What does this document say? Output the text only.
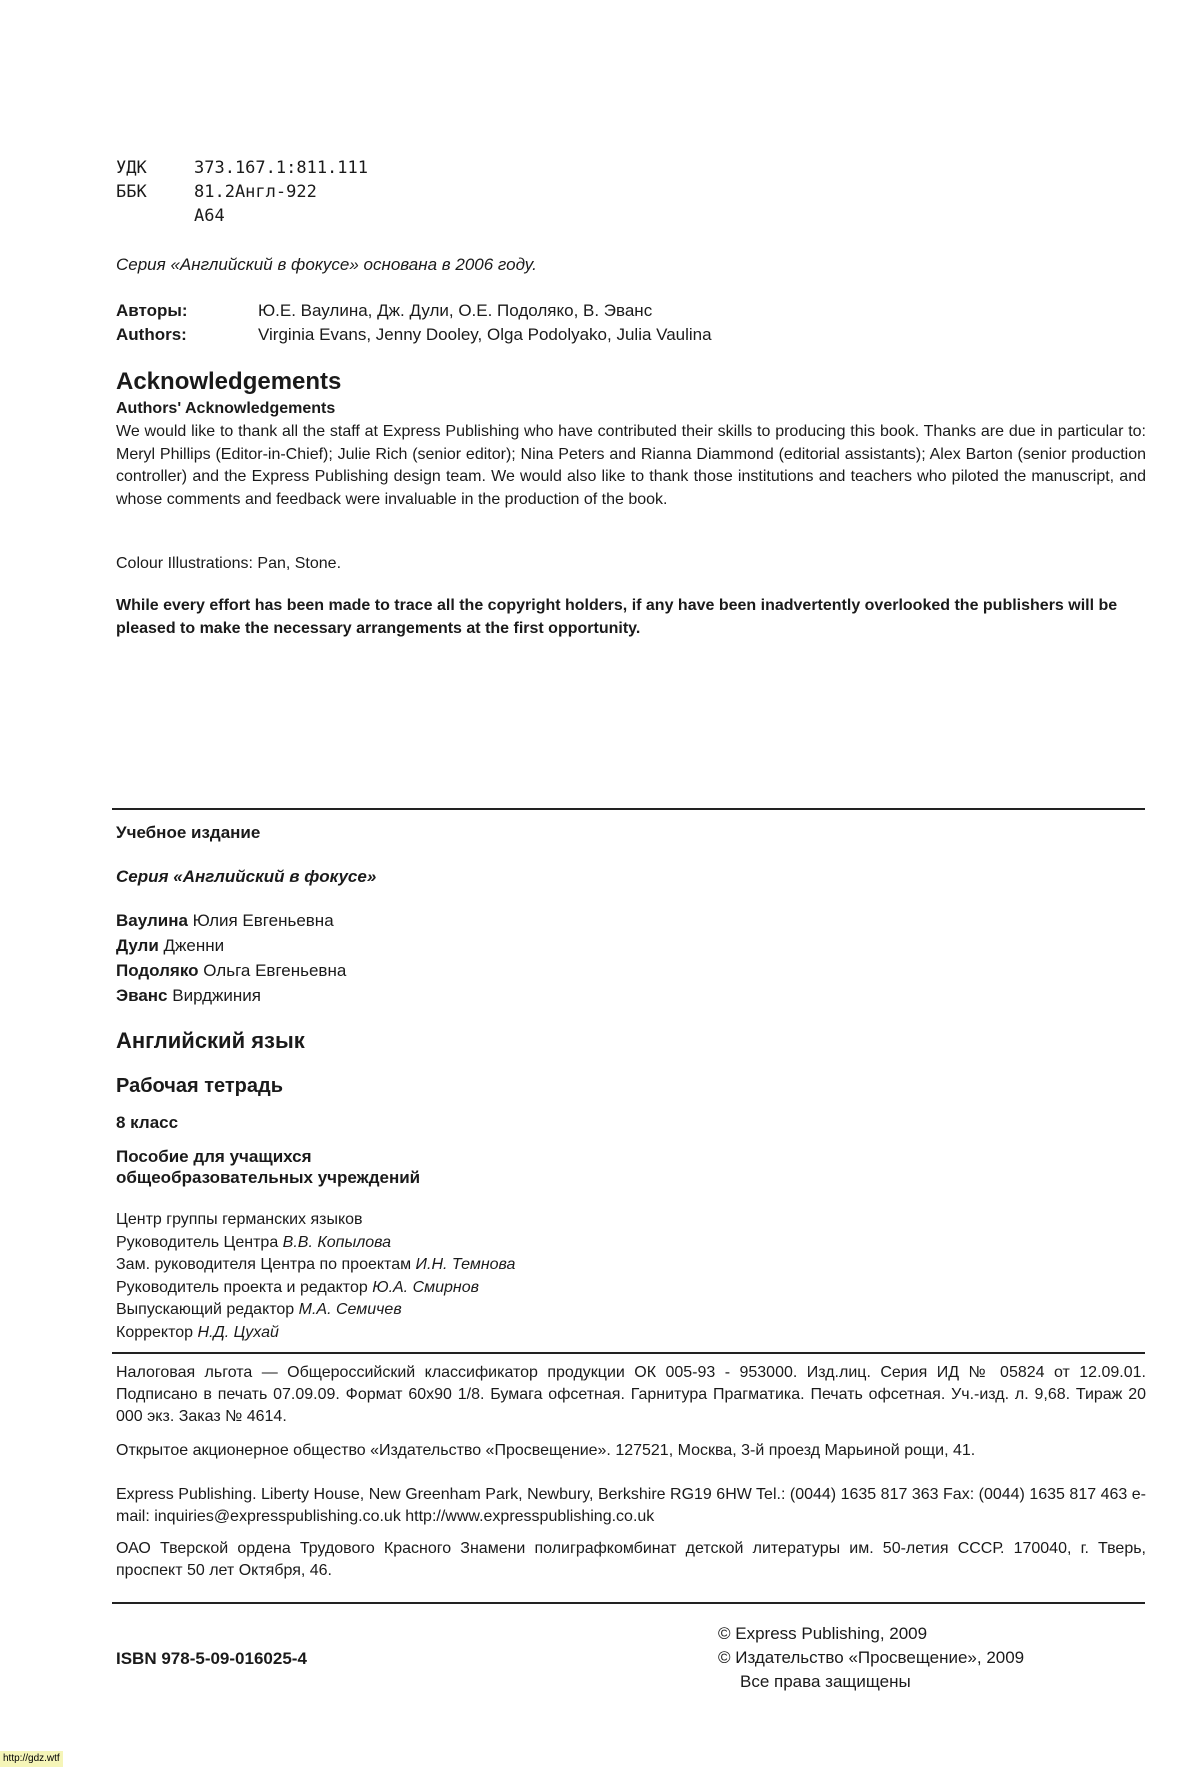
УДК	373.167.1:811.111
ББК	81.2Англ-922
А64
Серия «Английский в фокусе» основана в 2006 году.
Авторы:	Ю.Е. Ваулина, Дж. Дули, О.Е. Подоляко, В. Эванс
Authors:	Virginia Evans, Jenny Dooley, Olga Podolyako, Julia Vaulina
Acknowledgements
Authors' Acknowledgements
We would like to thank all the staff at Express Publishing who have contributed their skills to producing this book. Thanks are due in particular to: Meryl Phillips (Editor-in-Chief); Julie Rich (senior editor); Nina Peters and Rianna Diammond (editorial assistants); Alex Barton (senior production controller) and the Express Publishing design team. We would also like to thank those institutions and teachers who piloted the manuscript, and whose comments and feedback were invaluable in the production of the book.
Colour Illustrations: Pan, Stone.
While every effort has been made to trace all the copyright holders, if any have been inadvertently overlooked the publishers will be pleased to make the necessary arrangements at the first opportunity.
Учебное издание
Серия «Английский в фокусе»
Ваулина Юлия Евгеньевна
Дули Дженни
Подоляко Ольга Евгеньевна
Эванс Вирджиния
Английский язык
Рабочая тетрадь
8 класс
Пособие для учащихся
общеобразовательных учреждений
Центр группы германских языков
Руководитель Центра В.В. Копылова
Зам. руководителя Центра по проектам И.Н. Темнова
Руководитель проекта и редактор Ю.А. Смирнов
Выпускающий редактор М.А. Семичев
Корректор Н.Д. Цухай
Налоговая льгота — Общероссийский классификатор продукции ОК 005-93 - 953000. Изд.лиц. Серия ИД № 05824 от 12.09.01. Подписано в печать 07.09.09. Формат 60x90 1/8. Бумага офсетная. Гарнитура Прагматика. Печать офсетная. Уч.-изд. л. 9,68. Тираж 20 000 экз. Заказ № 4614.
Открытое акционерное общество «Издательство «Просвещение». 127521, Москва, 3-й проезд Марьиной рощи, 41.
Express Publishing. Liberty House, New Greenham Park, Newbury, Berkshire RG19 6HW Tel.: (0044) 1635 817 363 Fax: (0044) 1635 817 463 e-mail: inquiries@expresspublishing.co.uk http://www.expresspublishing.co.uk
ОАО Тверской ордена Трудового Красного Знамени полиграфкомбинат детской литературы им. 50-летия СССР. 170040, г. Тверь, проспект 50 лет Октября, 46.
ISBN 978-5-09-016025-4
© Express Publishing, 2009
© Издательство «Просвещение», 2009
Все права защищены
http://gdz.wtf
